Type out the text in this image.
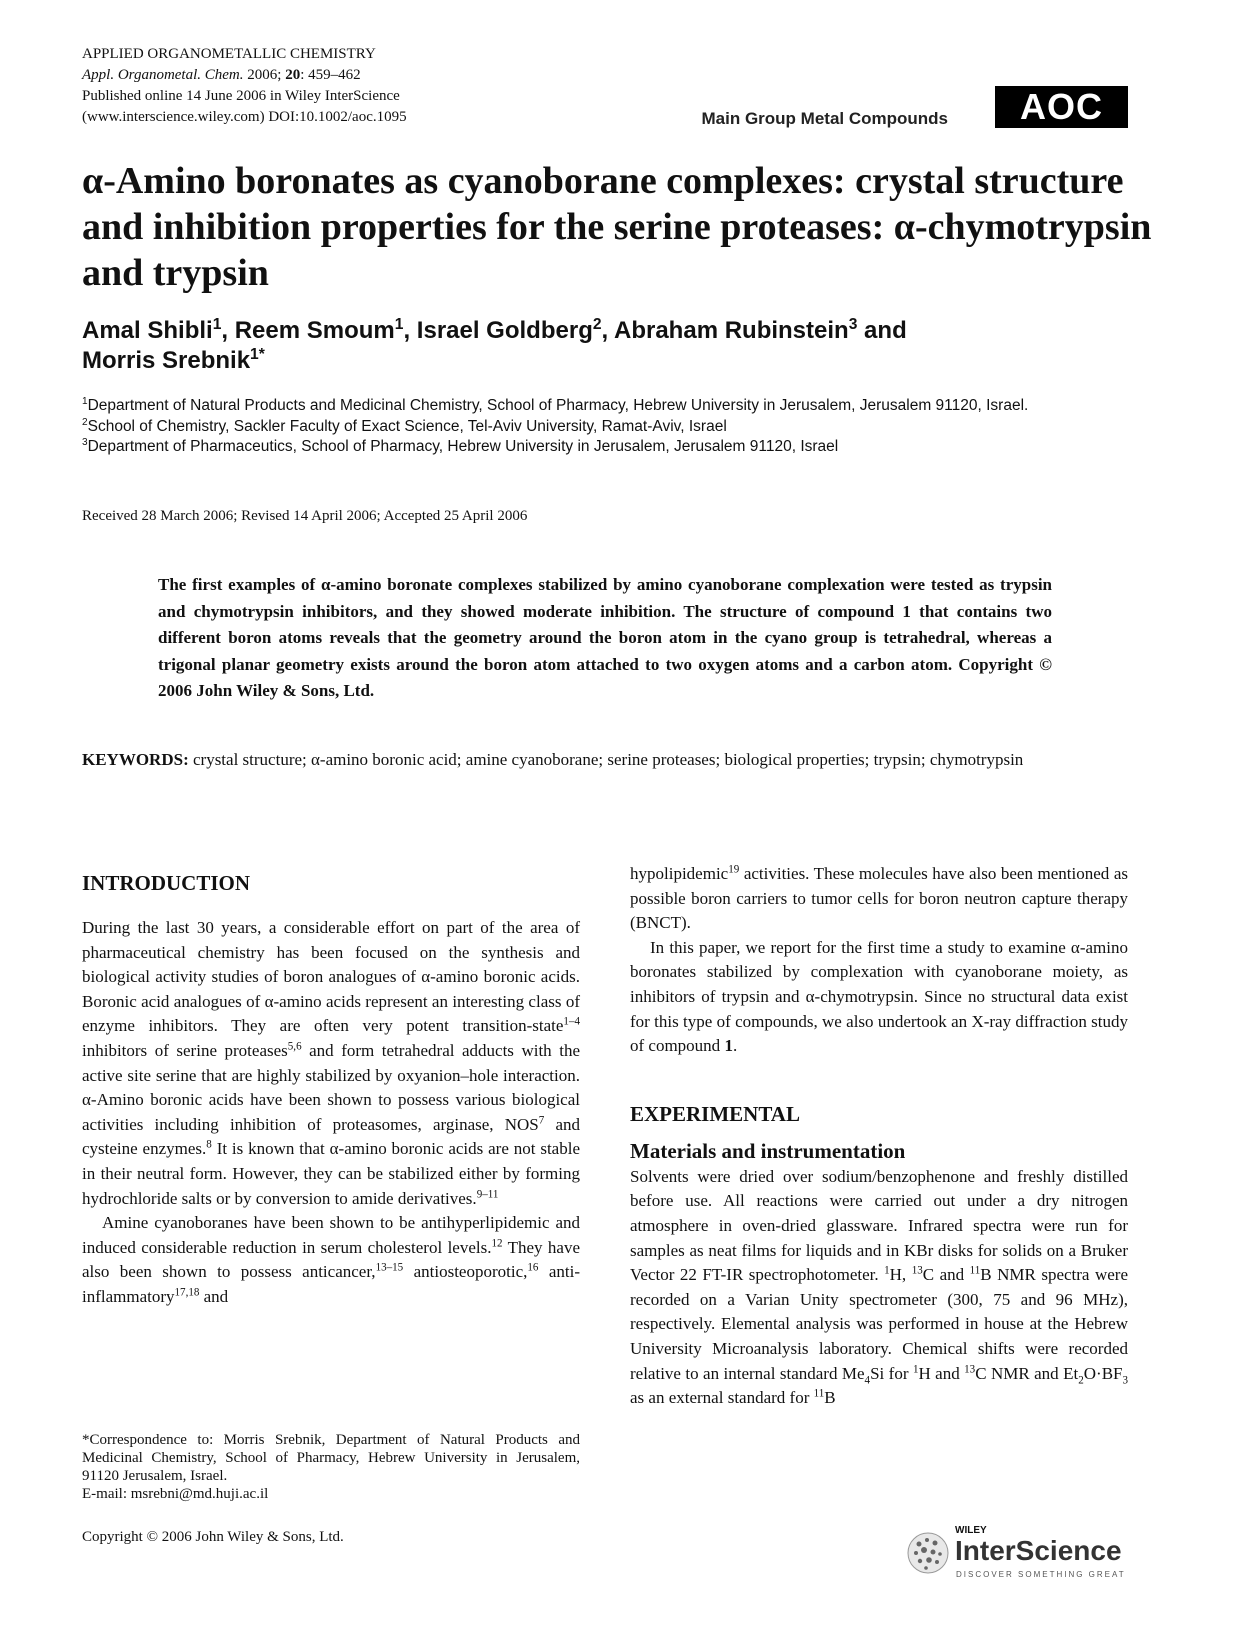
APPLIED ORGANOMETALLIC CHEMISTRY
Appl. Organometal. Chem. 2006; 20: 459–462
Published online 14 June 2006 in Wiley InterScience
(www.interscience.wiley.com) DOI:10.1002/aoc.1095	Main Group Metal Compounds	AOC
α-Amino boronates as cyanoborane complexes: crystal structure and inhibition properties for the serine proteases: α-chymotrypsin and trypsin
Amal Shibli$^1$, Reem Smoum$^1$, Israel Goldberg$^2$, Abraham Rubinstein$^3$ and
Morris Srebnik$^{1*}$
$^1$Department of Natural Products and Medicinal Chemistry, School of Pharmacy, Hebrew University in Jerusalem, Jerusalem 91120, Israel.
$^2$School of Chemistry, Sackler Faculty of Exact Science, Tel-Aviv University, Ramat-Aviv, Israel
$^3$Department of Pharmaceutics, School of Pharmacy, Hebrew University in Jerusalem, Jerusalem 91120, Israel
Received 28 March 2006; Revised 14 April 2006; Accepted 25 April 2006
The first examples of α-amino boronate complexes stabilized by amino cyanoborane complexation were tested as trypsin and chymotrypsin inhibitors, and they showed moderate inhibition. The structure of compound 1 that contains two different boron atoms reveals that the geometry around the boron atom in the cyano group is tetrahedral, whereas a trigonal planar geometry exists around the boron atom attached to two oxygen atoms and a carbon atom. Copyright © 2006 John Wiley & Sons, Ltd.
KEYWORDS: crystal structure; α-amino boronic acid; amine cyanoborane; serine proteases; biological properties; trypsin; chymotrypsin
INTRODUCTION

During the last 30 years, a considerable effort on part of the area of pharmaceutical chemistry has been focused on the synthesis and biological activity studies of boron analogues of α-amino boronic acids. Boronic acid analogues of α-amino acids represent an interesting class of enzyme inhibitors. They are often very potent transition-state$^{1-4}$ inhibitors of serine proteases$^{5,6}$ and form tetrahedral adducts with the active site serine that are highly stabilized by oxyanion–hole interaction. α-Amino boronic acids have been shown to possess various biological activities including inhibition of proteasomes, arginase, NOS$^7$ and cysteine enzymes.$^8$ It is known that α-amino boronic acids are not stable in their neutral form. However, they can be stabilized either by forming hydrochloride salts or by conversion to amide derivatives.$^{9-11}$

Amine cyanoboranes have been shown to be antihyperlipidemic and induced considerable reduction in serum cholesterol levels.$^{12}$ They have also been shown to possess anticancer,$^{13-15}$ antiosteoporotic,$^{16}$ anti-inflammatory$^{17,18}$ and

hypolipidemic$^{19}$ activities. These molecules have also been mentioned as possible boron carriers to tumor cells for boron neutron capture therapy (BNCT).

In this paper, we report for the first time a study to examine α-amino boronates stabilized by complexation with cyanoborane moiety, as inhibitors of trypsin and α-chymotrypsin. Since no structural data exist for this type of compounds, we also undertook an X-ray diffraction study of compound 1.

EXPERIMENTAL
Materials and instrumentation

Solvents were dried over sodium/benzophenone and freshly distilled before use. All reactions were carried out under a dry nitrogen atmosphere in oven-dried glassware. Infrared spectra were run for samples as neat films for liquids and in KBr disks for solids on a Bruker Vector 22 FT-IR spectrophotometer. $^1$H, $^{13}$C and $^{11}$B NMR spectra were recorded on a Varian Unity spectrometer (300, 75 and 96 MHz), respectively. Elemental analysis was performed in house at the Hebrew University Microanalysis laboratory. Chemical shifts were recorded relative to an internal standard $Me_4Si$ for $^1$H and $^{13}$C NMR and $Et_2O\cdot BF_3$ as an external standard for $^{11}$B

*Correspondence to: Morris Srebnik, Department of Natural Products and Medicinal Chemistry, School of Pharmacy, Hebrew University in Jerusalem, 91120 Jerusalem, Israel.
E-mail: msrebni@md.huji.ac.il
Copyright © 2006 John Wiley & Sons, Ltd.	WILEY
InterScience
DISCOVER SOMETHING GREAT
